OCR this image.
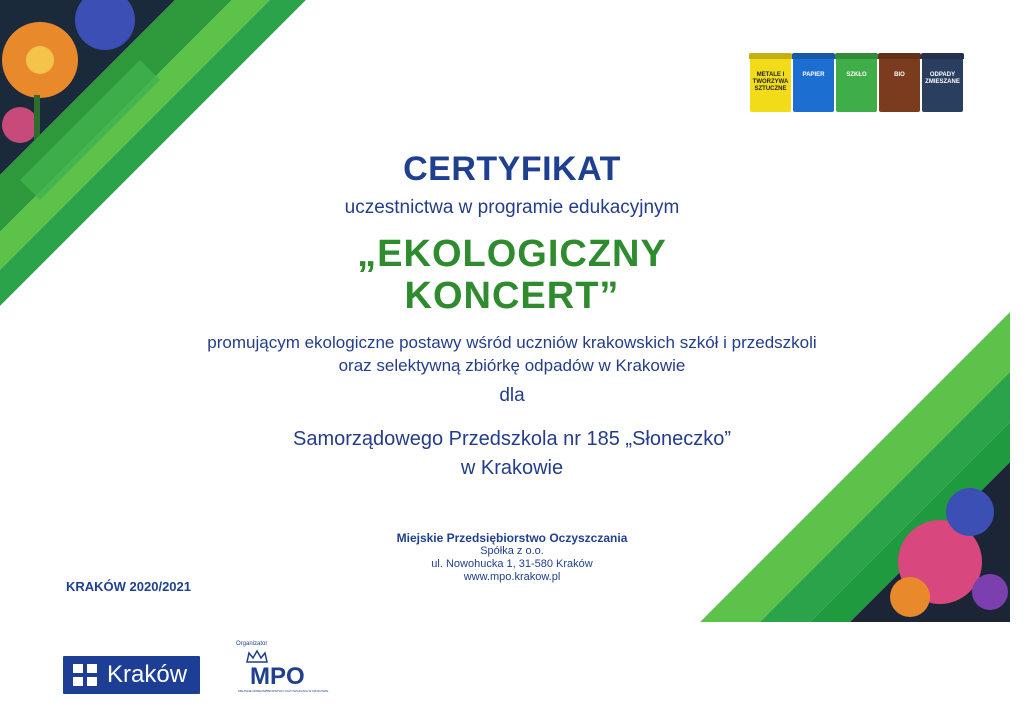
METALE I TWORZYWA SZTUCZNE
PAPIER	SZKŁO	BIO	ODPADY ZMIESZANE
CERTYFIKAT
uczestnictwa w programie edukacyjnym
„EKOLOGICZNY
KONCERT”
promującym ekologiczne postawy wśród uczniów krakowskich szkół i przedszkoli
oraz selektywną zbiórkę odpadów w Krakowie
dla
Samorządowego Przedszkola nr 185 „Słoneczko”
w Krakowie
Miejskie Przedsiębiorstwo Oczyszczania
Spółka z o.o.
ul. Nowohucka 1, 31-580 Kraków
www.mpo.krakow.pl
KRAKÓW 2020/2021
Kraków
Organizator
MPO
MIEJSKIE PRZEDSIĘBIORSTWO OCZYSZCZANIA W KRAKOWIE
